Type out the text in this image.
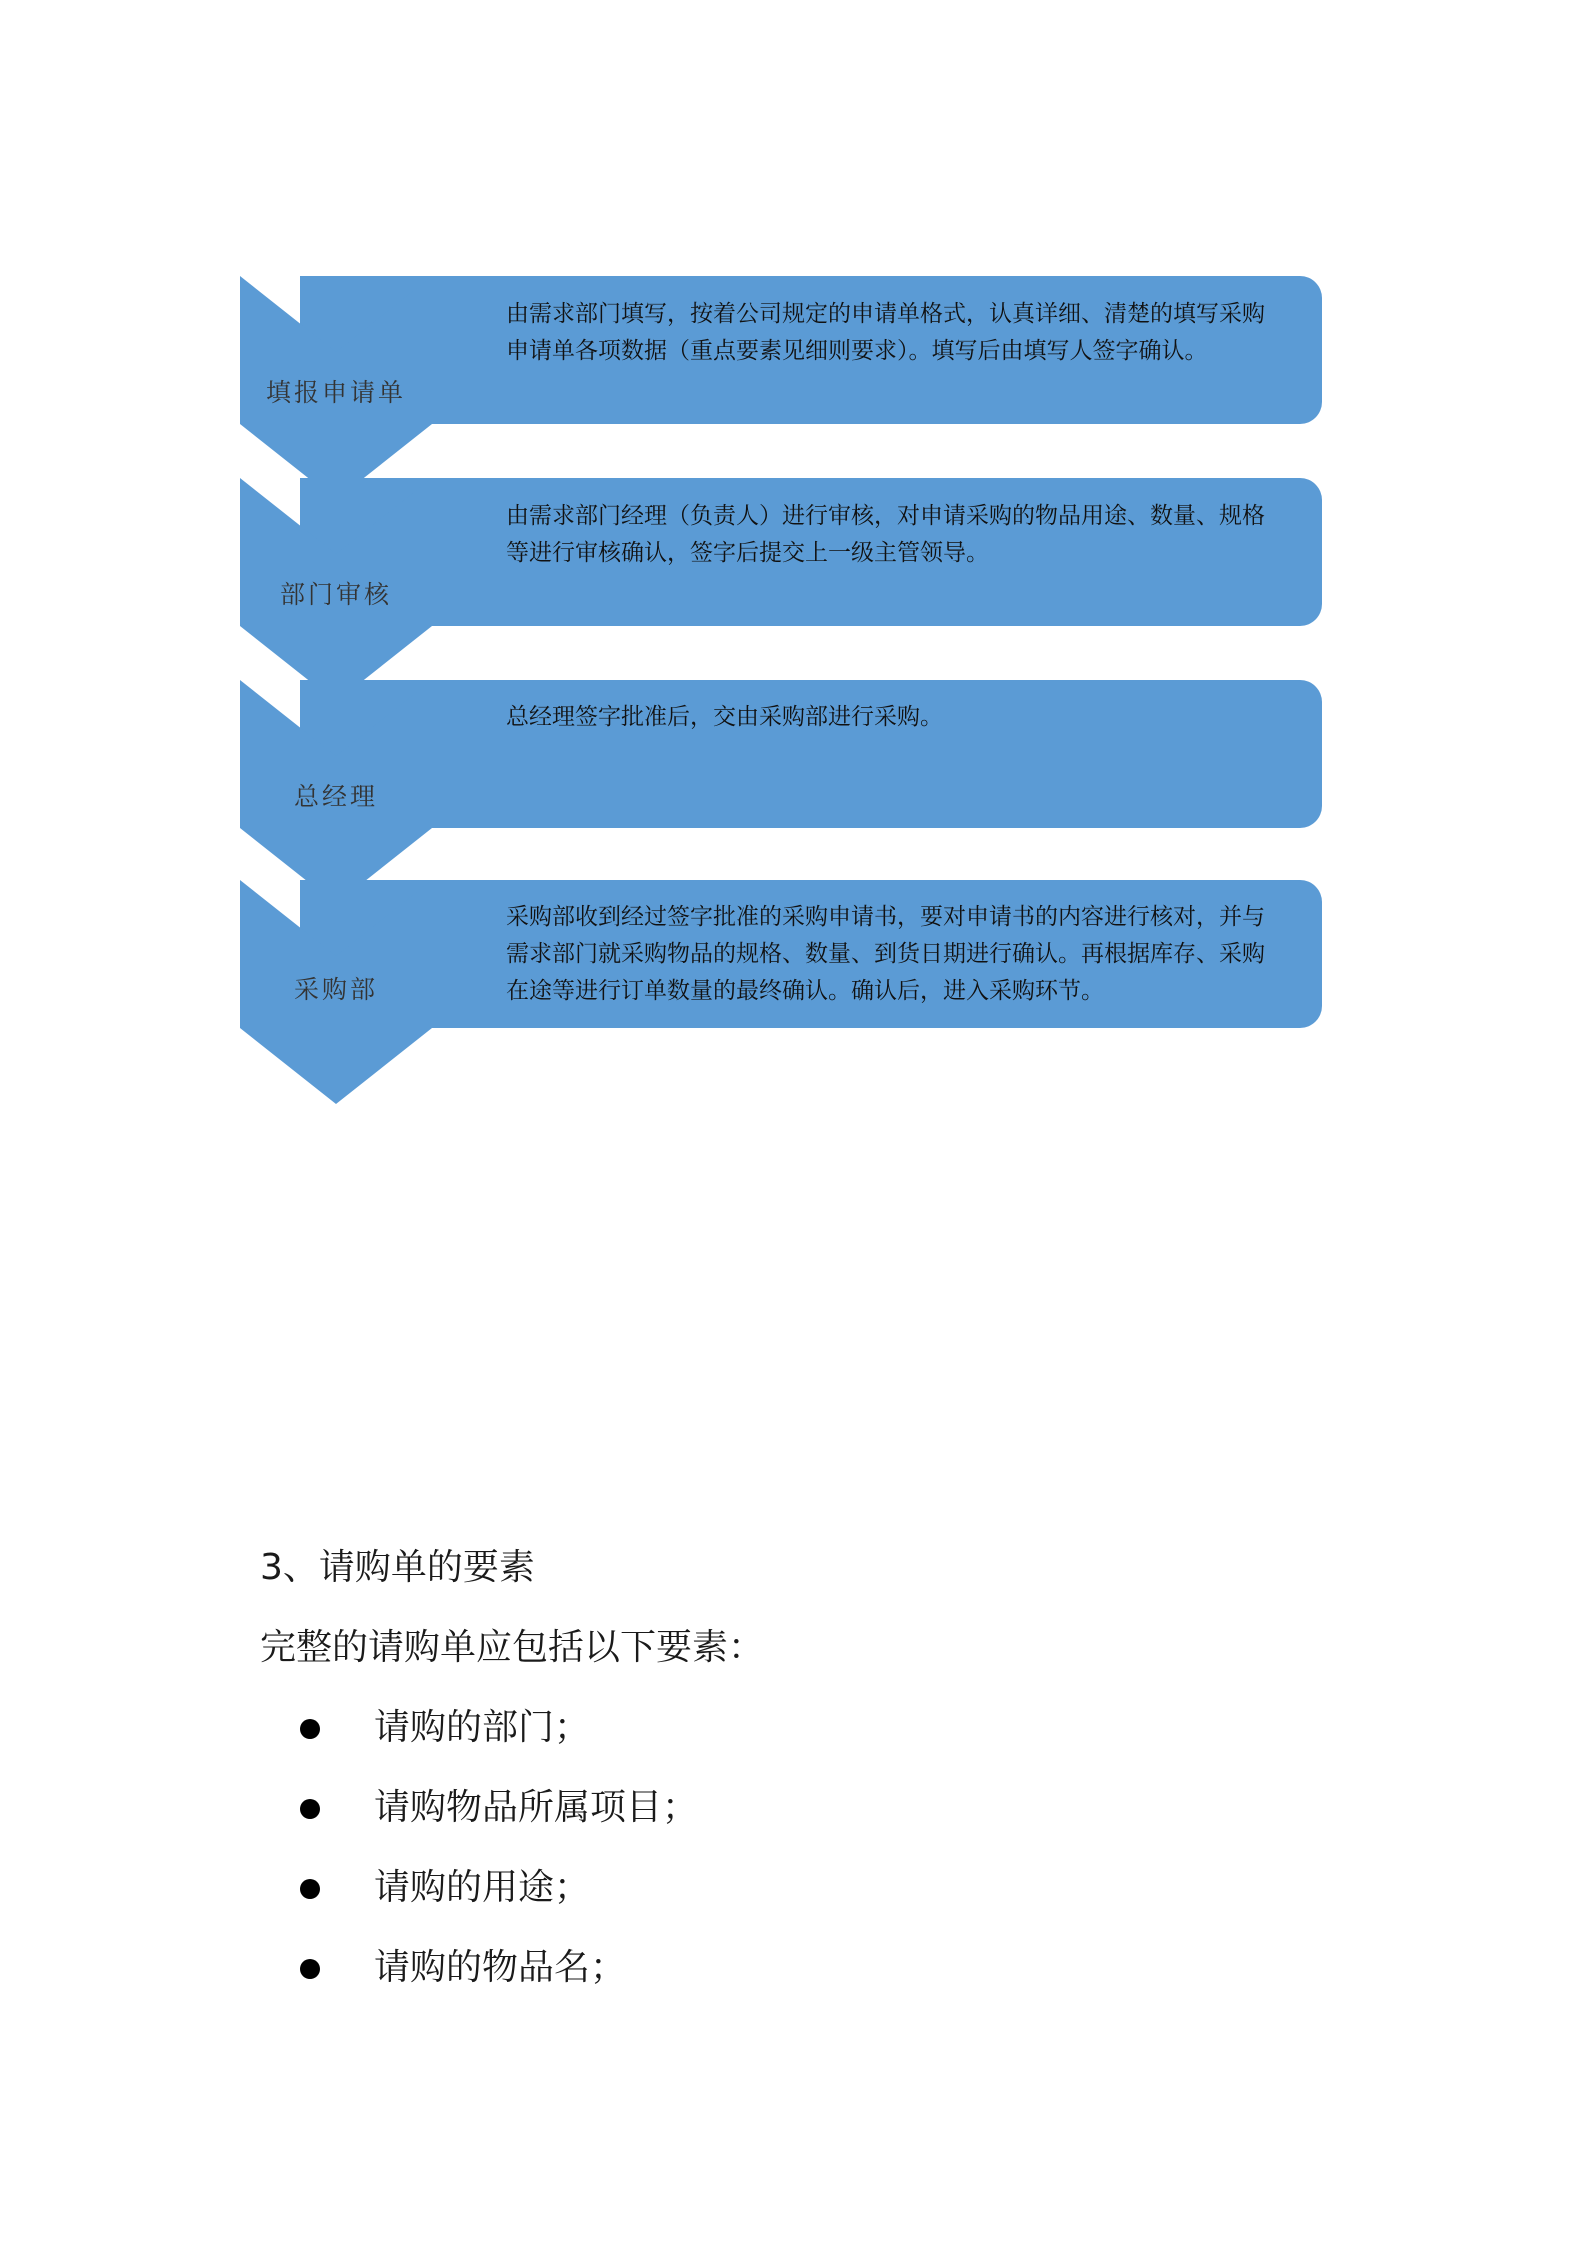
填报申请单
由需求部门填写，按着公司规定的申请单格式，认真详细、清楚的填写采购申请单各项数据（重点要素见细则要求）。填写后由填写人签字确认。
部门审核
由需求部门经理（负责人）进行审核，对申请采购的物品用途、数量、规格等进行审核确认，签字后提交上一级主管领导。
总经理
总经理签字批准后，交由采购部进行采购。
采购部
采购部收到经过签字批准的采购申请书，要对申请书的内容进行核对，并与需求部门就采购物品的规格、数量、到货日期进行确认。再根据库存、采购在途等进行订单数量的最终确认。确认后，进入采购环节。

3、请购单的要素

完整的请购单应包括以下要素：

请购的部门；
请购物品所属项目；
请购的用途；
请购的物品名；
